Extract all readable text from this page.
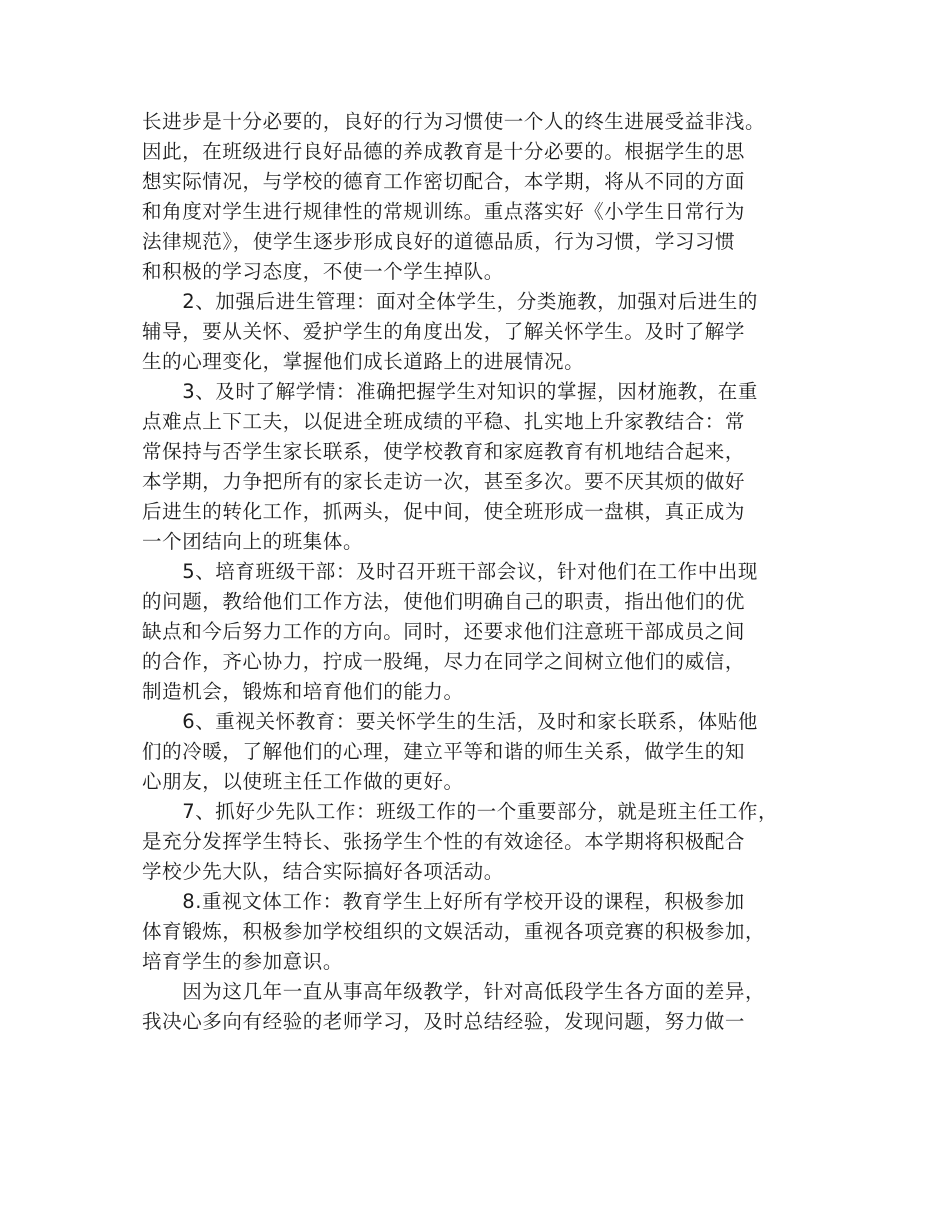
长进步是十分必要的，良好的行为习惯使一个人的终生进展受益非浅。
因此，在班级进行良好品德的养成教育是十分必要的。根据学生的思
想实际情况，与学校的德育工作密切配合，本学期，将从不同的方面
和角度对学生进行规律性的常规训练。重点落实好《小学生日常行为
法律规范》，使学生逐步形成良好的道德品质，行为习惯，学习习惯
和积极的学习态度，不使一个学生掉队。
　　2、加强后进生管理：面对全体学生，分类施教，加强对后进生的
辅导，要从关怀、爱护学生的角度出发，了解关怀学生。及时了解学
生的心理变化，掌握他们成长道路上的进展情况。
　　3、及时了解学情：准确把握学生对知识的掌握，因材施教，在重
点难点上下工夫，以促进全班成绩的平稳、扎实地上升家教结合：常
常保持与否学生家长联系，使学校教育和家庭教育有机地结合起来，
本学期，力争把所有的家长走访一次，甚至多次。要不厌其烦的做好
后进生的转化工作，抓两头，促中间，使全班形成一盘棋，真正成为
一个团结向上的班集体。
　　5、培育班级干部：及时召开班干部会议，针对他们在工作中出现
的问题，教给他们工作方法，使他们明确自己的职责，指出他们的优
缺点和今后努力工作的方向。同时，还要求他们注意班干部成员之间
的合作，齐心协力，拧成一股绳，尽力在同学之间树立他们的威信，
制造机会，锻炼和培育他们的能力。
　　6、重视关怀教育：要关怀学生的生活，及时和家长联系，体贴他
们的冷暖，了解他们的心理，建立平等和谐的师生关系，做学生的知
心朋友，以使班主任工作做的更好。
　　7、抓好少先队工作：班级工作的一个重要部分，就是班主任工作，
是充分发挥学生特长、张扬学生个性的有效途径。本学期将积极配合
学校少先大队，结合实际搞好各项活动。
　　8.重视文体工作：教育学生上好所有学校开设的课程，积极参加
体育锻炼，积极参加学校组织的文娱活动，重视各项竞赛的积极参加，
培育学生的参加意识。
　　因为这几年一直从事高年级教学，针对高低段学生各方面的差异，
我决心多向有经验的老师学习，及时总结经验，发现问题，努力做一
